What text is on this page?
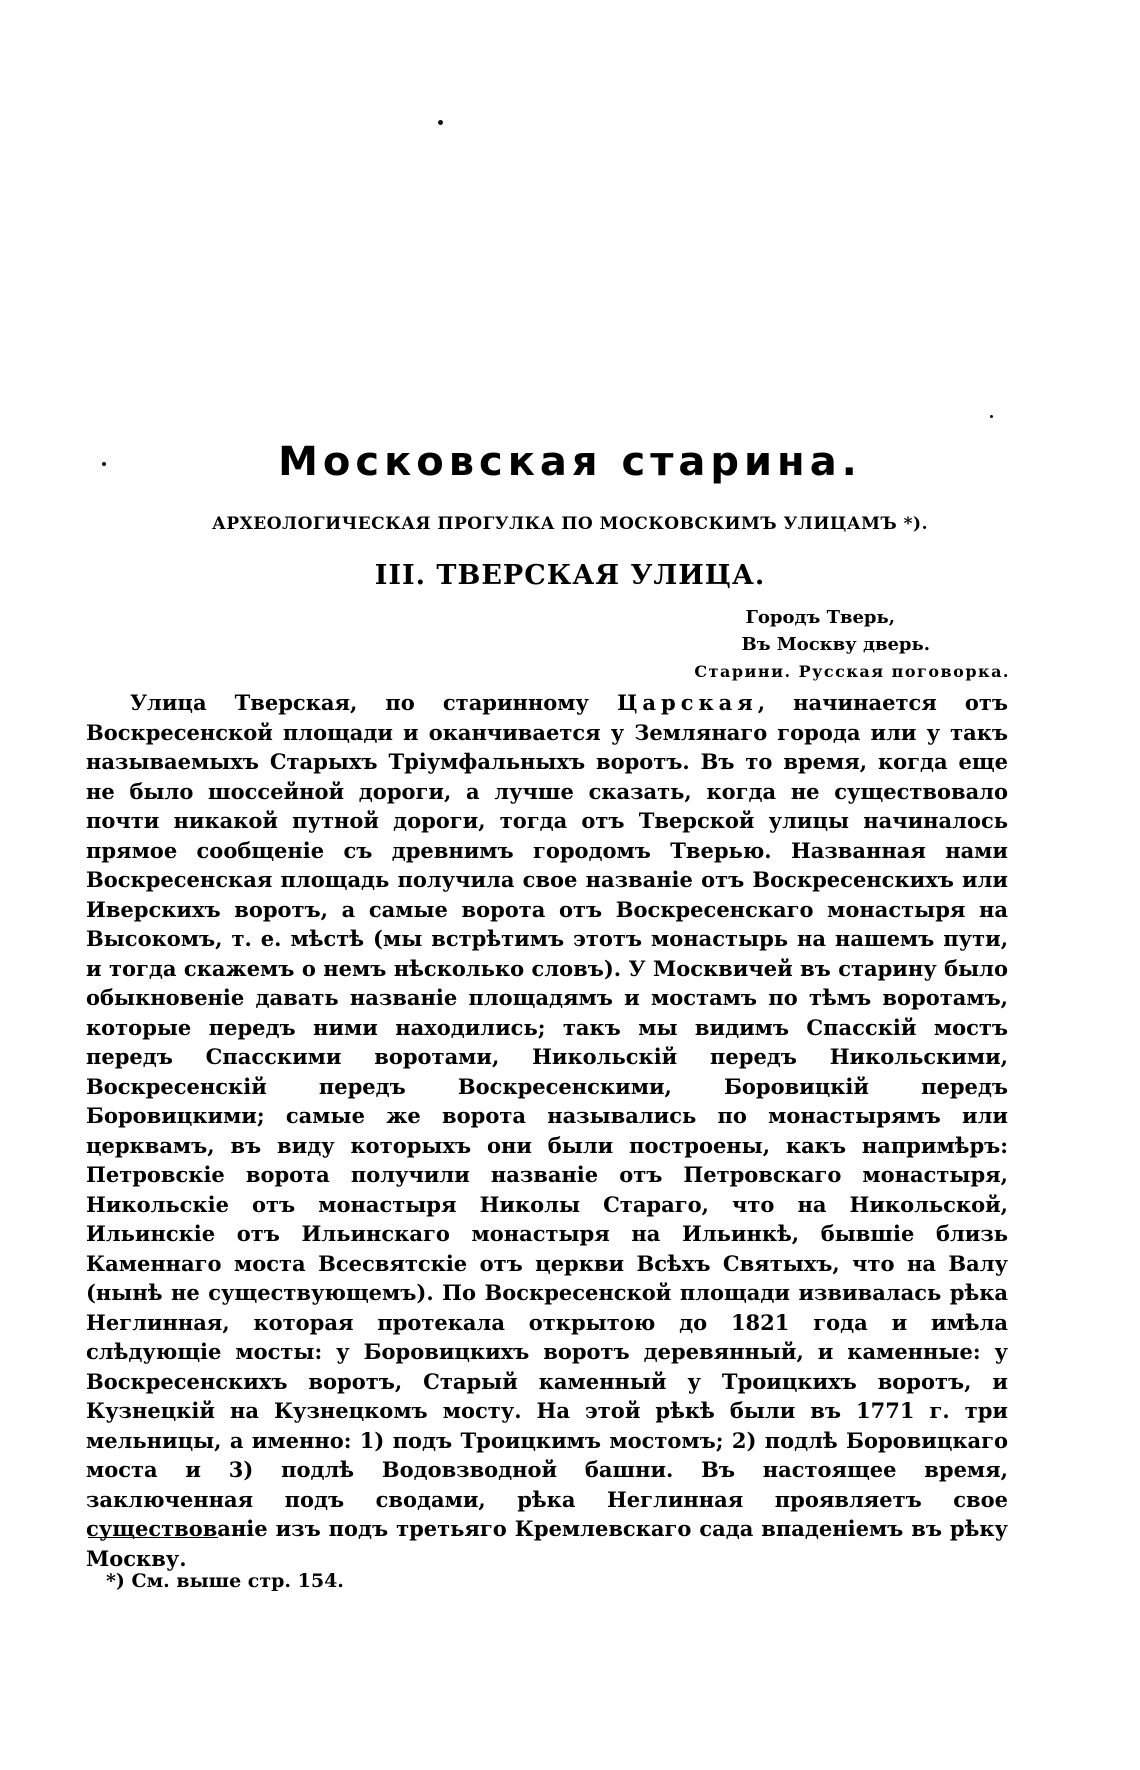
Московская старина.
АРХЕОЛОГИЧЕСКАЯ ПРОГУЛКА ПО МОСКОВСКИМЪ УЛИЦАМЪ *).
III. ТВЕРСКАЯ УЛИЦА.
Городъ Тверь,
Въ Москву дверь.
Старини. Русская поговорка.

Улица Тверская, по старинному Царская, начинается отъ Воскресенской площади и оканчивается у Землянаго города или у такъ называемыхъ Старыхъ Тріумфальныхъ воротъ. Въ то время, когда еще не было шоссейной дороги, а лучше сказать, когда не существовало почти никакой путной дороги, тогда отъ Тверской улицы начиналось прямое сообщеніе съ древнимъ городомъ Тверью. Названная нами Воскресенская площадь получила свое названіе отъ Воскресенскихъ или Иверскихъ воротъ, а самые ворота отъ Воскресенскаго монастыря на Высокомъ, т. е. мѣстѣ (мы встрѣтимъ этотъ монастырь на нашемъ пути, и тогда скажемъ о немъ нѣсколько словъ). У Москвичей въ старину было обыкновеніе давать названіе площадямъ и мостамъ по тѣмъ воротамъ, которые передъ ними находились; такъ мы видимъ Спасскій мостъ передъ Спасскими воротами, Никольскій передъ Никольскими, Воскресенскій передъ Воскресенскими, Боровицкій передъ Боровицкими; самые же ворота назывались по монастырямъ или церквамъ, въ виду которыхъ они были построены, какъ напримѣръ: Петровскіе ворота получили названіе отъ Петровскаго монастыря, Никольскіе отъ монастыря Николы Стараго, что на Никольской, Ильинскіе отъ Ильинскаго монастыря на Ильинкѣ, бывшіе близь Каменнаго моста Всесвятскіе отъ церкви Всѣхъ Святыхъ, что на Валу (нынѣ не существующемъ). По Воскресенской площади извивалась рѣка Неглинная, которая протекала открытою до 1821 года и имѣла слѣдующіе мосты: у Боровицкихъ воротъ деревянный, и каменные: у Воскресенскихъ воротъ, Старый каменный у Троицкихъ воротъ, и Кузнецкій на Кузнецкомъ мосту. На этой рѣкѣ были въ 1771 г. три мельницы, а именно: 1) подъ Троицкимъ мостомъ; 2) подлѣ Боровицкаго моста и 3) подлѣ Водовзводной башни. Въ настоящее время, заключенная подъ сводами, рѣка Неглинная проявляетъ свое существованіе изъ подъ третьяго Кремлевскаго сада впаденіемъ въ рѣку Москву.

*) См. выше стр. 154.
